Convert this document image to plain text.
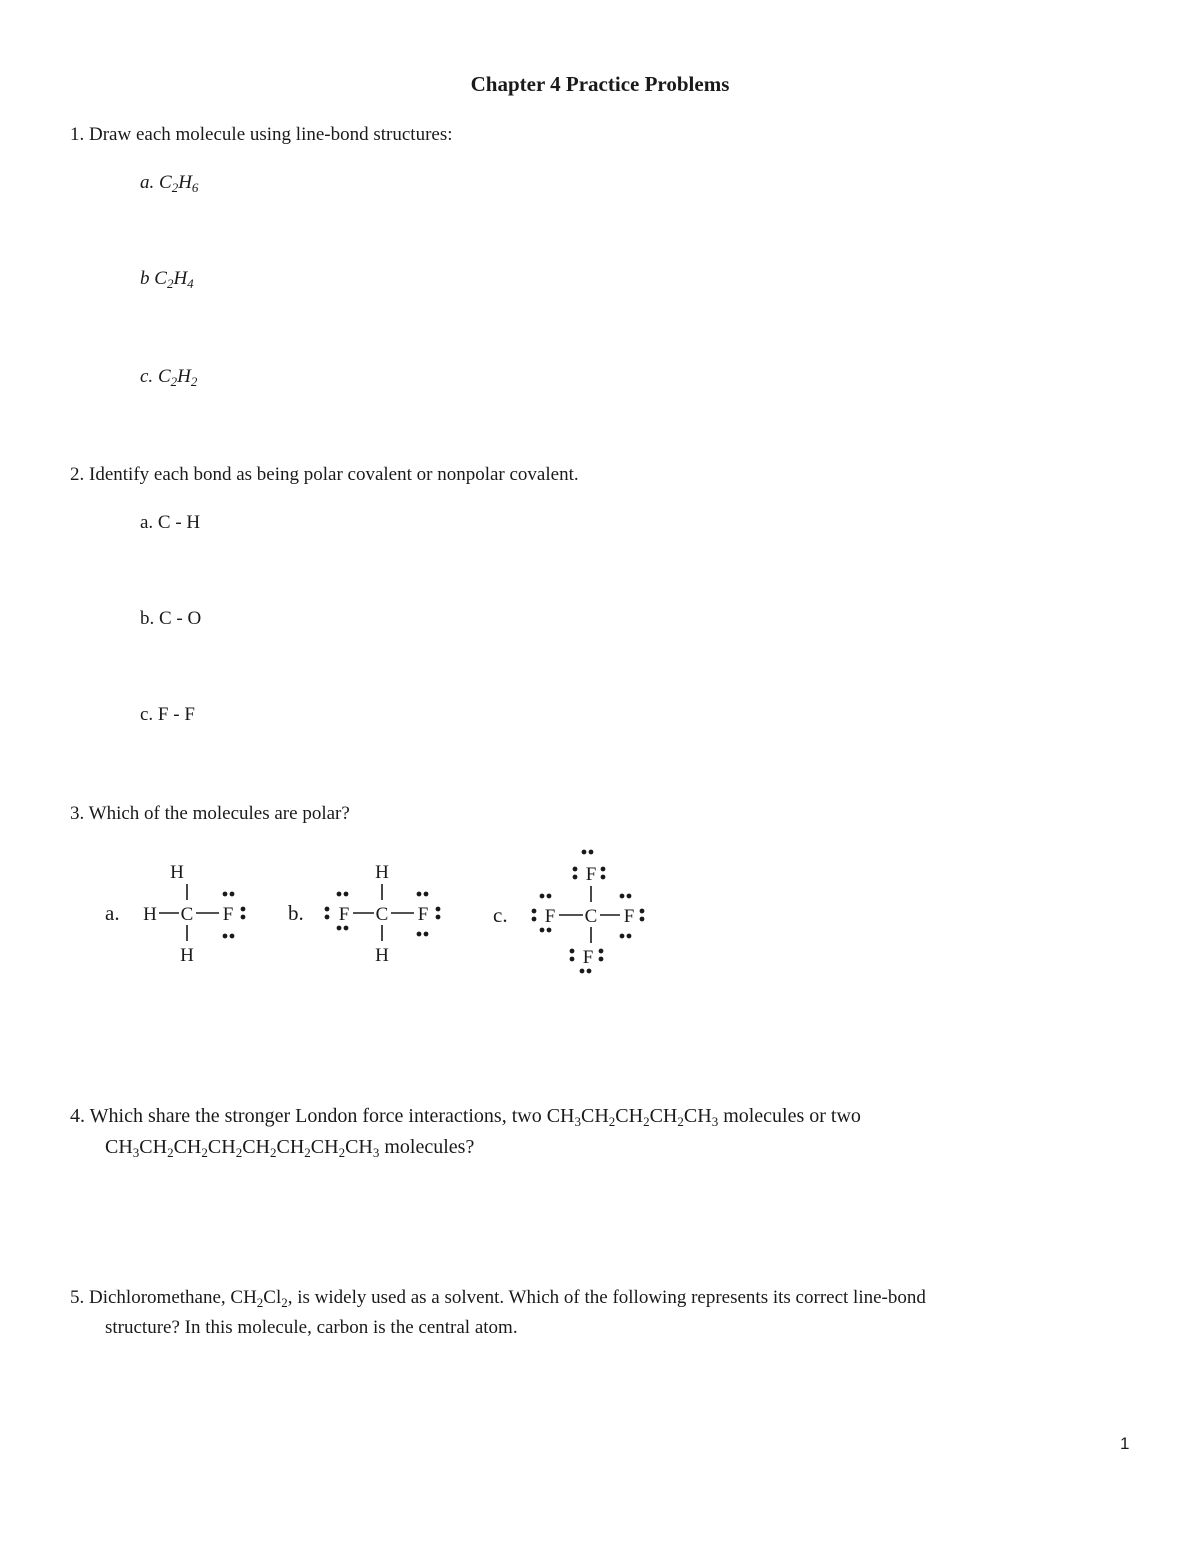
Chapter 4 Practice Problems
1. Draw each molecule using line-bond structures:
a. $C_2H_6$
b $C_2H_4$
c. $C_2H_2$
2. Identify each bond as being polar covalent or nonpolar covalent.
a. C - H
b. C - O
c. F - F
3. Which of the molecules are polar?
a.
H
H C F
H
b.
H
F C F
H
c.
F
F C F
F
4. Which share the stronger London force interactions, two $CH_3CH_2CH_2CH_2CH_3$ molecules or two
$CH_3CH_2CH_2CH_2CH_2CH_2CH_2CH_3$ molecules?
5. Dichloromethane, $CH_2Cl_2$, is widely used as a solvent. Which of the following represents its correct line-bond
structure? In this molecule, carbon is the central atom.
1
